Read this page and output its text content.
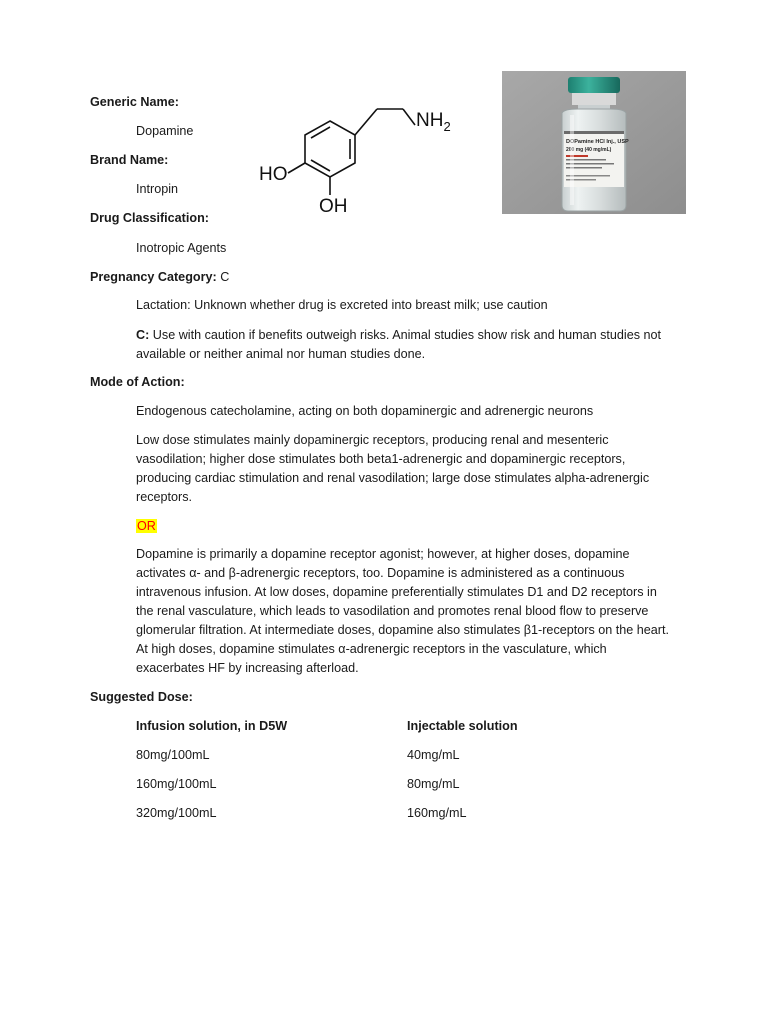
Generic Name:
Dopamine
Brand Name:
Intropin
Drug Classification:
Inotropic Agents
Pregnancy Category: C
Lactation: Unknown whether drug is excreted into breast milk; use caution
C: Use with caution if benefits outweigh risks. Animal studies show risk and human studies not available or neither animal nor human studies done.
Mode of Action:
Endogenous catecholamine, acting on both dopaminergic and adrenergic neurons
Low dose stimulates mainly dopaminergic receptors, producing renal and mesenteric vasodilation; higher dose stimulates both beta1-adrenergic and dopaminergic receptors, producing cardiac stimulation and renal vasodilation; large dose stimulates alpha-adrenergic receptors.
OR
Dopamine is primarily a dopamine receptor agonist; however, at higher doses, dopamine activates α- and β-adrenergic receptors, too. Dopamine is administered as a continuous intravenous infusion. At low doses, dopamine preferentially stimulates D1 and D2 receptors in the renal vasculature, which leads to vasodilation and promotes renal blood flow to preserve glomerular filtration. At intermediate doses, dopamine also stimulates β1-receptors on the heart. At high doses, dopamine stimulates α-adrenergic receptors in the vasculature, which exacerbates HF by increasing afterload.
Suggested Dose:
Infusion solution, in D5W	Injectable solution
80mg/100mL	40mg/mL
160mg/100mL	80mg/mL
320mg/100mL	160mg/mL
$NH_2$
HO
OH
DOPamine HCl Inj., USP
200 mg (40 mg/mL)
